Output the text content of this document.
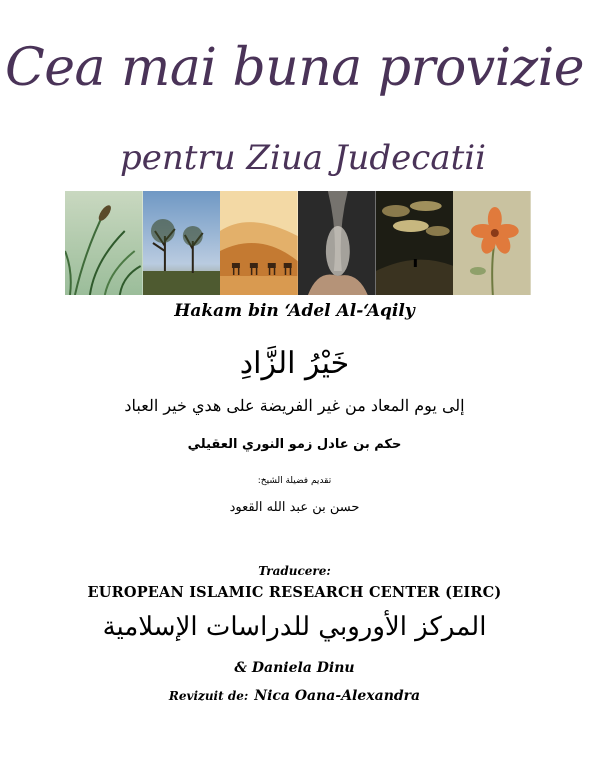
Cea mai buna provizie
pentru Ziua Judecatii
Hakam bin ‘Adel Al-‘Aqily
خَيْرُ الزَّادِ
إلى يوم المعاد من غير الفريضة على هدي خير العباد
حكم بن عادل زمو النوري العقيلي
تقديم فضيلة الشيخ:
حسن بن عبد الله القعود
Traducere:
EUROPEAN ISLAMIC RESEARCH CENTER (EIRC)
المركز الأوروبي للدراسات الإسلامية
& Daniela Dinu
Revizuit de: Nica Oana-Alexandra
